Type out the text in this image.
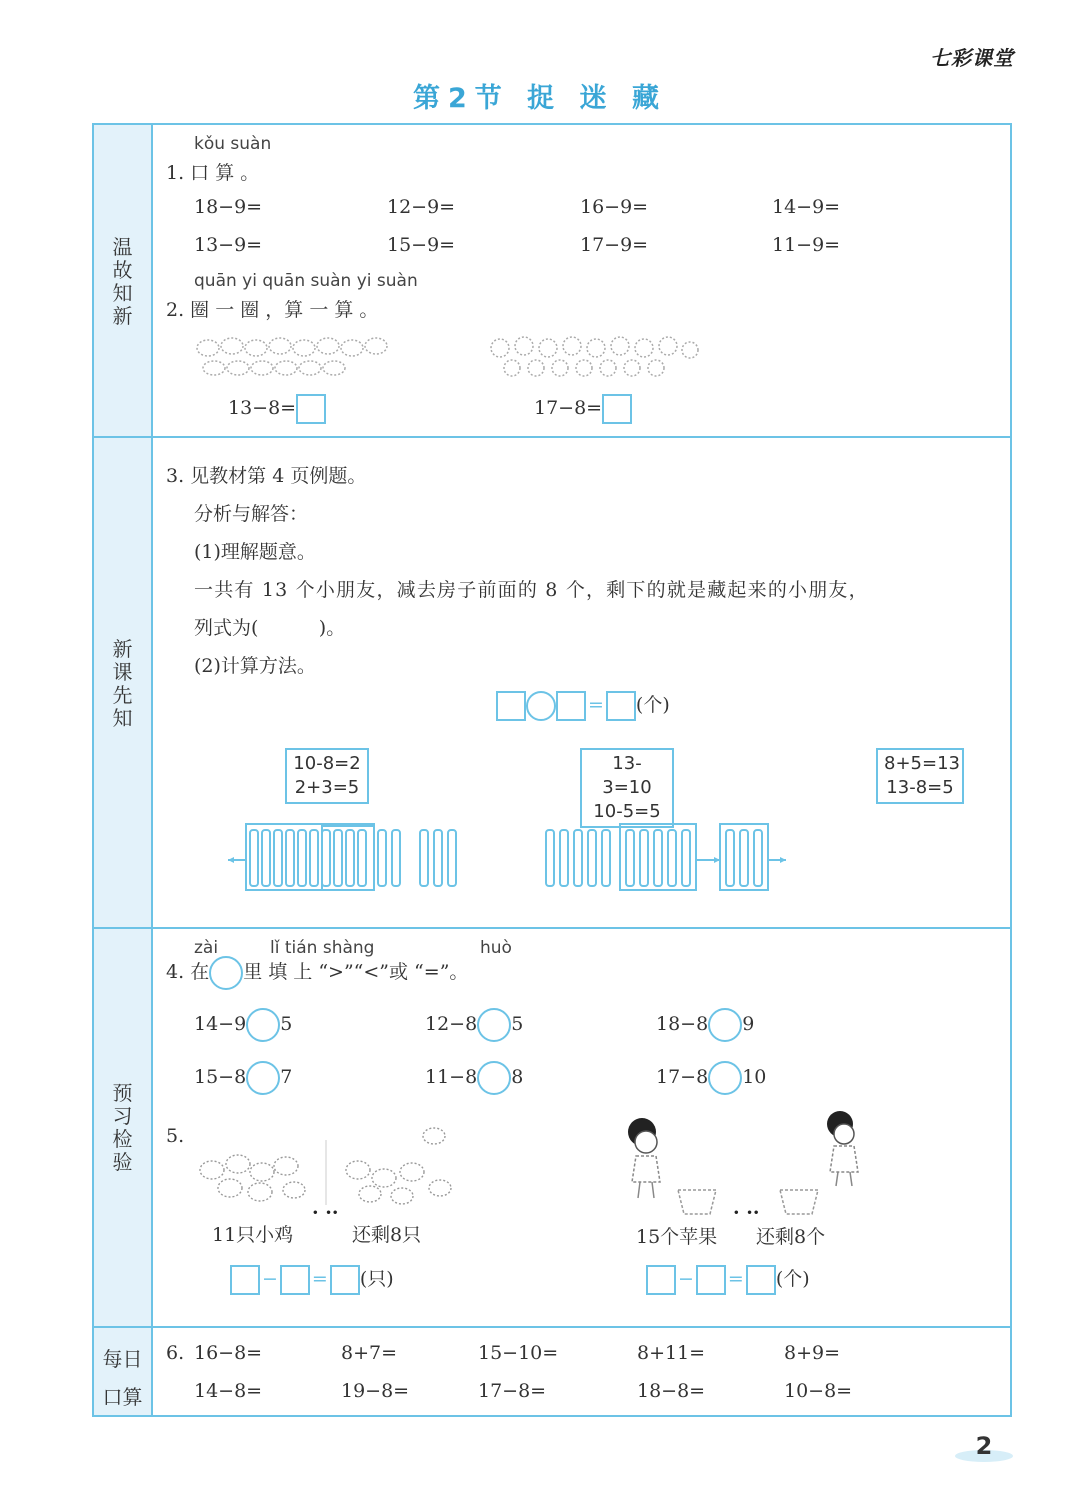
七彩课堂
第2节 捉 迷 藏
温故知新
新课先知
预习检验
每日口算
kǒu suàn
1. 口 算 。
18−9=	12−9=	16−9=	14−9=
13−9=	15−9=	17−9=	11−9=
quān yi quān suàn yi suàn
2. 圈 一 圈 ，算 一 算 。
13−8=	17−8=
3. 见教材第 4 页例题。
分析与解答：
(1)理解题意。
一共有 13 个小朋友，减去房子前面的 8 个，剩下的就是藏起来的小朋友，
列式为(          )。
(2)计算方法。
= (个)
10-8=2
2+3=5
13-3=10
10-5=5
8+5=13
13-8=5
zài	lǐ tián shàng	huò
4. 在 里 填 上 “>”“<”或 “=”。
14−9 5	12−8 5	18−8 9
15−8 7	11−8 8	17−8 10
5.
11只小鸡
· ··
还剩8只
− = (只)
15个苹果
· ··
还剩8个
− = (个)
6. 16−8=	8+7=	15−10=	8+11=	8+9=
14−8=	19−8=	17−8=	18−8=	10−8=
2
